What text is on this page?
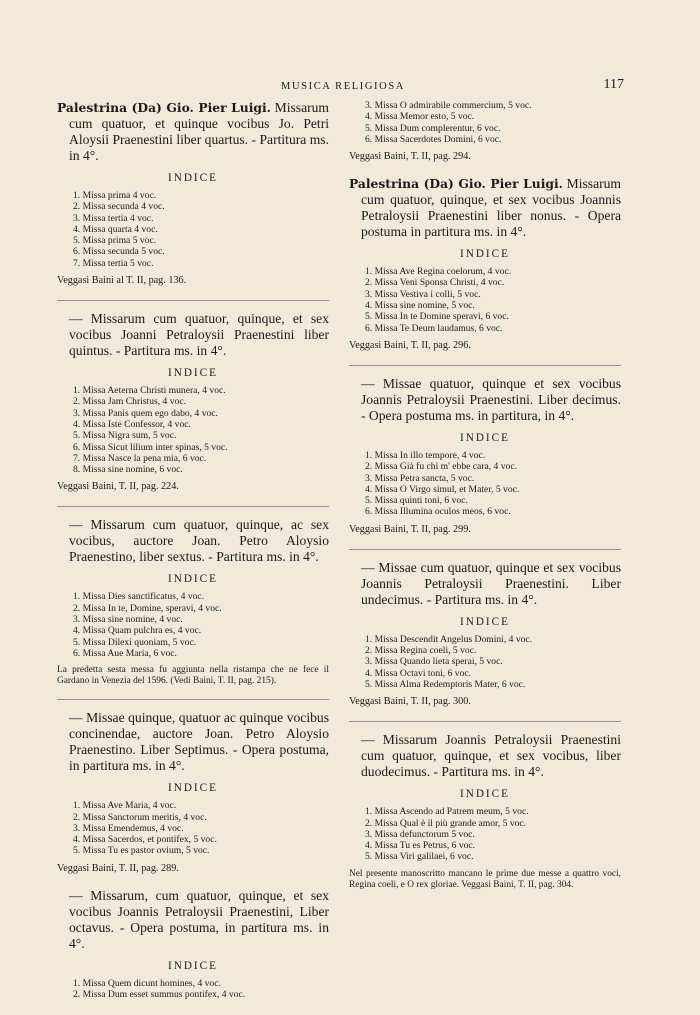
MUSICA RELIGIOSA	117
Palestrina (Da) Gio. Pier Luigi. Missarum cum quatuor, et quinque vocibus Jo. Petri Aloysii Praenestini liber quartus. - Partitura ms. in 4°.
INDICE
1. Missa prima 4 voc.
2. Missa secunda 4 voc.
3. Missa tertia 4 voc.
4. Missa quarta 4 voc.
5. Missa prima 5 voc.
6. Missa secunda 5 voc.
7. Missa tertia 5 voc.
Veggasi Baini al T. II, pag. 136.
— Missarum cum quatuor, quinque, et sex vocibus Joanni Petraloysii Praenestini liber quintus. - Partitura ms. in 4°.
INDICE
1. Missa Aeterna Christi munera, 4 voc.
2. Missa Jam Christus, 4 voc.
3. Missa Panis quem ego dabo, 4 voc.
4. Missa Iste Confessor, 4 voc.
5. Missa Nigra sum, 5 voc.
6. Missa Sicut lilium inter spinas, 5 voc.
7. Missa Nasce la pena mia, 6 voc.
8. Missa sine nomine, 6 voc.
Veggasi Baini, T. II, pag. 224.
— Missarum cum quatuor, quinque, ac sex vocibus, auctore Joan. Petro Aloysio Praenestino, liber sextus. - Partitura ms. in 4°.
INDICE
1. Missa Dies sanctificatus, 4 voc.
2. Missa In te, Domine, speravi, 4 voc.
3. Missa sine nomine, 4 voc.
4. Missa Quam pulchra es, 4 voc.
5. Missa Dilexi quoniam, 5 voc.
6. Missa Aue Maria, 6 voc.
La predetta sesta messa fu aggiunta nella ristampa che ne fece il Gardano in Venezia del 1596. (Vedi Baini, T. II, pag. 215).
— Missae quinque, quatuor ac quinque vocibus concinendae, auctore Joan. Petro Aloysio Praenestino. Liber Septimus. - Opera postuma, in partitura ms. in 4°.
INDICE
1. Missa Ave Maria, 4 voc.
2. Missa Sanctorum meritis, 4 voc.
3. Missa Emendemus, 4 voc.
4. Missa Sacerdos, et pontifex, 5 voc.
5. Missa Tu es pastor ovium, 5 voc.
Veggasi Baini, T. II, pag. 289.
— Missarum, cum quatuor, quinque, et sex vocibus Joannis Petraloysii Praenestini, Liber octavus. - Opera postuma, in partitura ms. in 4°.
INDICE
1. Missa Quem dicunt homines, 4 voc.
2. Missa Dum esset summus pontifex, 4 voc.
3. Missa O admirabile commercium, 5 voc.
4. Missa Memor esto, 5 voc.
5. Missa Dum complerentur, 6 voc.
6. Missa Sacerdotes Domini, 6 voc.
Veggasi Baini, T. II, pag. 294.
Palestrina (Da) Gio. Pier Luigi. Missarum cum quatuor, quinque, et sex vocibus Joannis Petraloysii Praenestini liber nonus. - Opera postuma in partitura ms. in 4°.
INDICE
1. Missa Ave Regina coelorum, 4 voc.
2. Missa Veni Sponsa Christi, 4 voc.
3. Missa Vestiva i colli, 5 voc.
4. Missa sine nomine, 5 voc.
5. Missa In te Domine speravi, 6 voc.
6. Missa Te Deum laudamus, 6 voc.
Veggasi Baini, T. II, pag. 296.
— Missae quatuor, quinque et sex vocibus Joannis Petraloysii Praenestini. Liber decimus. - Opera postuma ms. in partitura, in 4°.
INDICE
1. Missa In illo tempore, 4 voc.
2. Missa Già fu chi m' ebbe cara, 4 voc.
3. Missa Petra sancta, 5 voc.
4. Missa O Virgo simul, et Mater, 5 voc.
5. Missa quinti toni, 6 voc.
6. Missa Illumina oculos meos, 6 voc.
Veggasi Baini, T. II, pag. 299.
— Missae cum quatuor, quinque et sex vocibus Joannis Petraloysii Praenestini. Liber undecimus. - Partitura ms. in 4°.
INDICE
1. Missa Descendit Angelus Domini, 4 voc.
2. Missa Regina coeli, 5 voc.
3. Missa Quando lieta sperai, 5 voc.
4. Missa Octavi toni, 6 voc.
5. Missa Alma Redemptoris Mater, 6 voc.
Veggasi Baini, T. II, pag. 300.
— Missarum Joannis Petraloysii Praenestini cum quatuor, quinque, et sex vocibus, liber duodecimus. - Partitura ms. in 4°.
INDICE
1. Missa Ascendo ad Patrem meum, 5 voc.
2. Missa Qual è il più grande amor, 5 voc.
3. Missa defunctorum 5 voc.
4. Missa Tu es Petrus, 6 voc.
5. Missa Viri galilaei, 6 voc.
Nel presente manoscritto mancano le prime due messe a quattro voci, Regina coeli, e O rex gloriae. Veggasi Baini, T. II, pag. 304.
